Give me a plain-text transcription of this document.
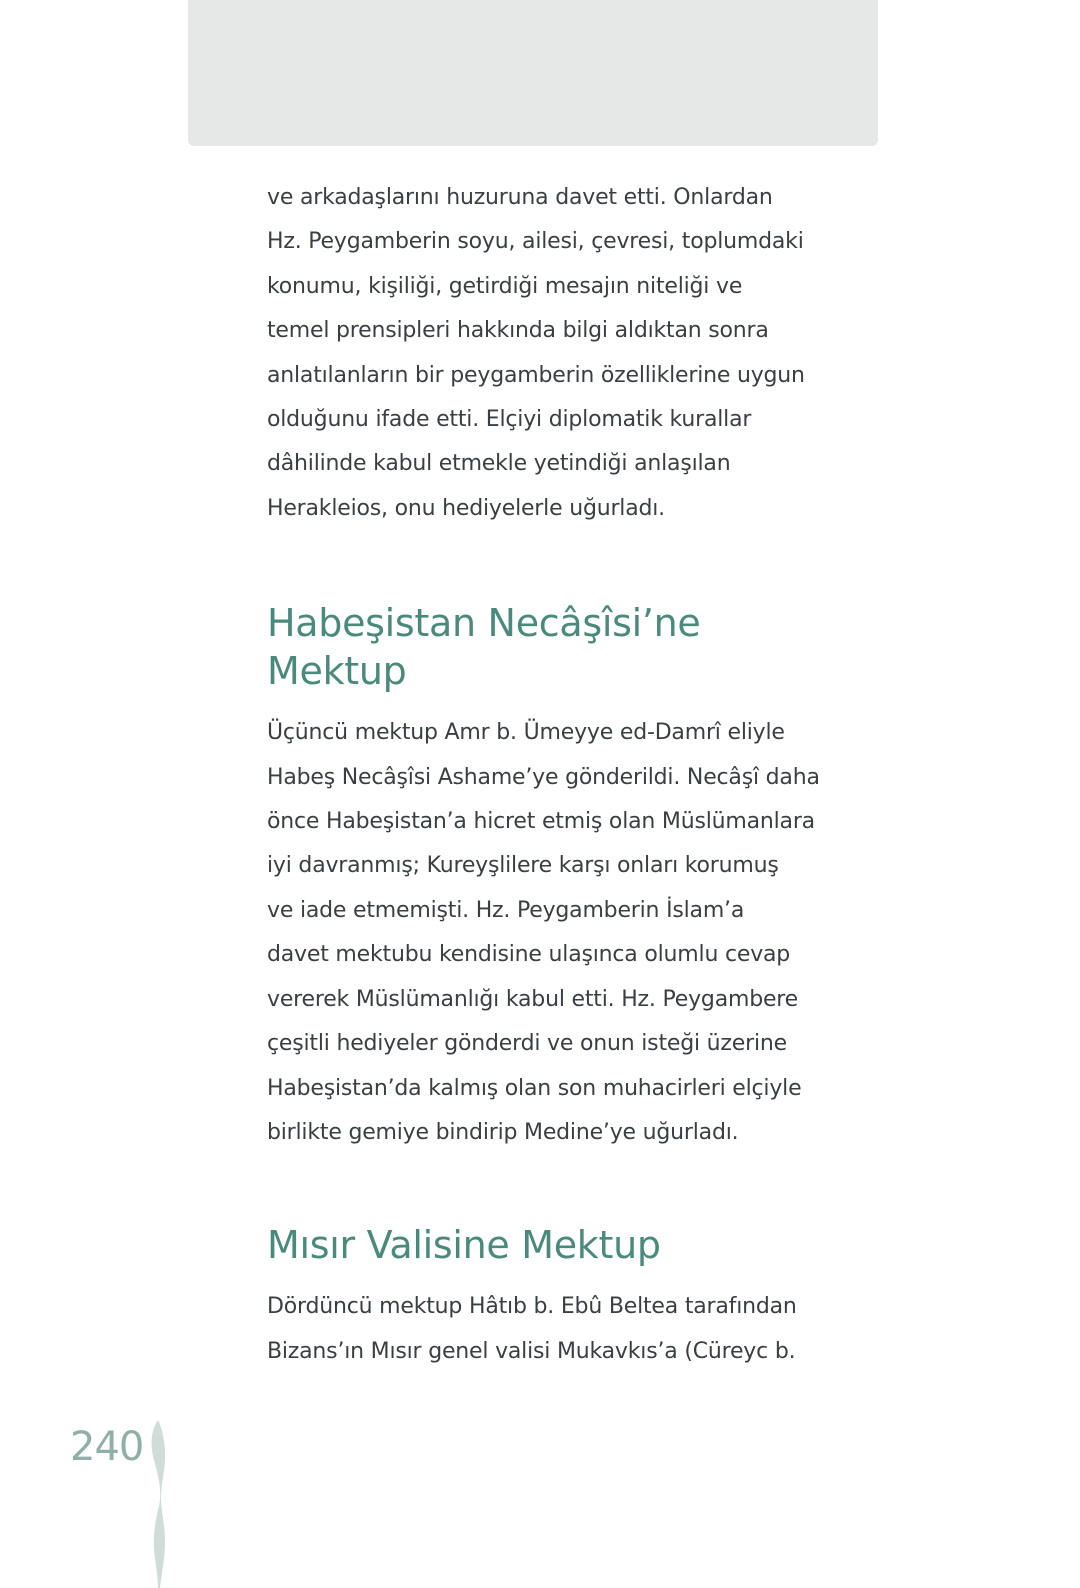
ve arkadaşlarını huzuruna davet etti. Onlardan
Hz. Peygamberin soyu, ailesi, çevresi, toplumdaki
konumu, kişiliği, getirdiği mesajın niteliği ve
temel prensipleri hakkında bilgi aldıktan sonra
anlatılanların bir peygamberin özelliklerine uygun
olduğunu ifade etti. Elçiyi diplomatik kurallar
dâhilinde kabul etmekle yetindiği anlaşılan
Herakleios, onu hediyelerle uğurladı.

Habeşistan Necâşîsi’ne
Mektup

Üçüncü mektup Amr b. Ümeyye ed-Damrî eliyle
Habeş Necâşîsi Ashame’ye gönderildi. Necâşî daha
önce Habeşistan’a hicret etmiş olan Müslümanlara
iyi davranmış; Kureyşlilere karşı onları korumuş
ve iade etmemişti. Hz. Peygamberin İslam’a
davet mektubu kendisine ulaşınca olumlu cevap
vererek Müslümanlığı kabul etti. Hz. Peygambere
çeşitli hediyeler gönderdi ve onun isteği üzerine
Habeşistan’da kalmış olan son muhacirleri elçiyle
birlikte gemiye bindirip Medine’ye uğurladı.

Mısır Valisine Mektup

Dördüncü mektup Hâtıb b. Ebû Beltea tarafından
Bizans’ın Mısır genel valisi Mukavkıs’a (Cüreyc b.

240
